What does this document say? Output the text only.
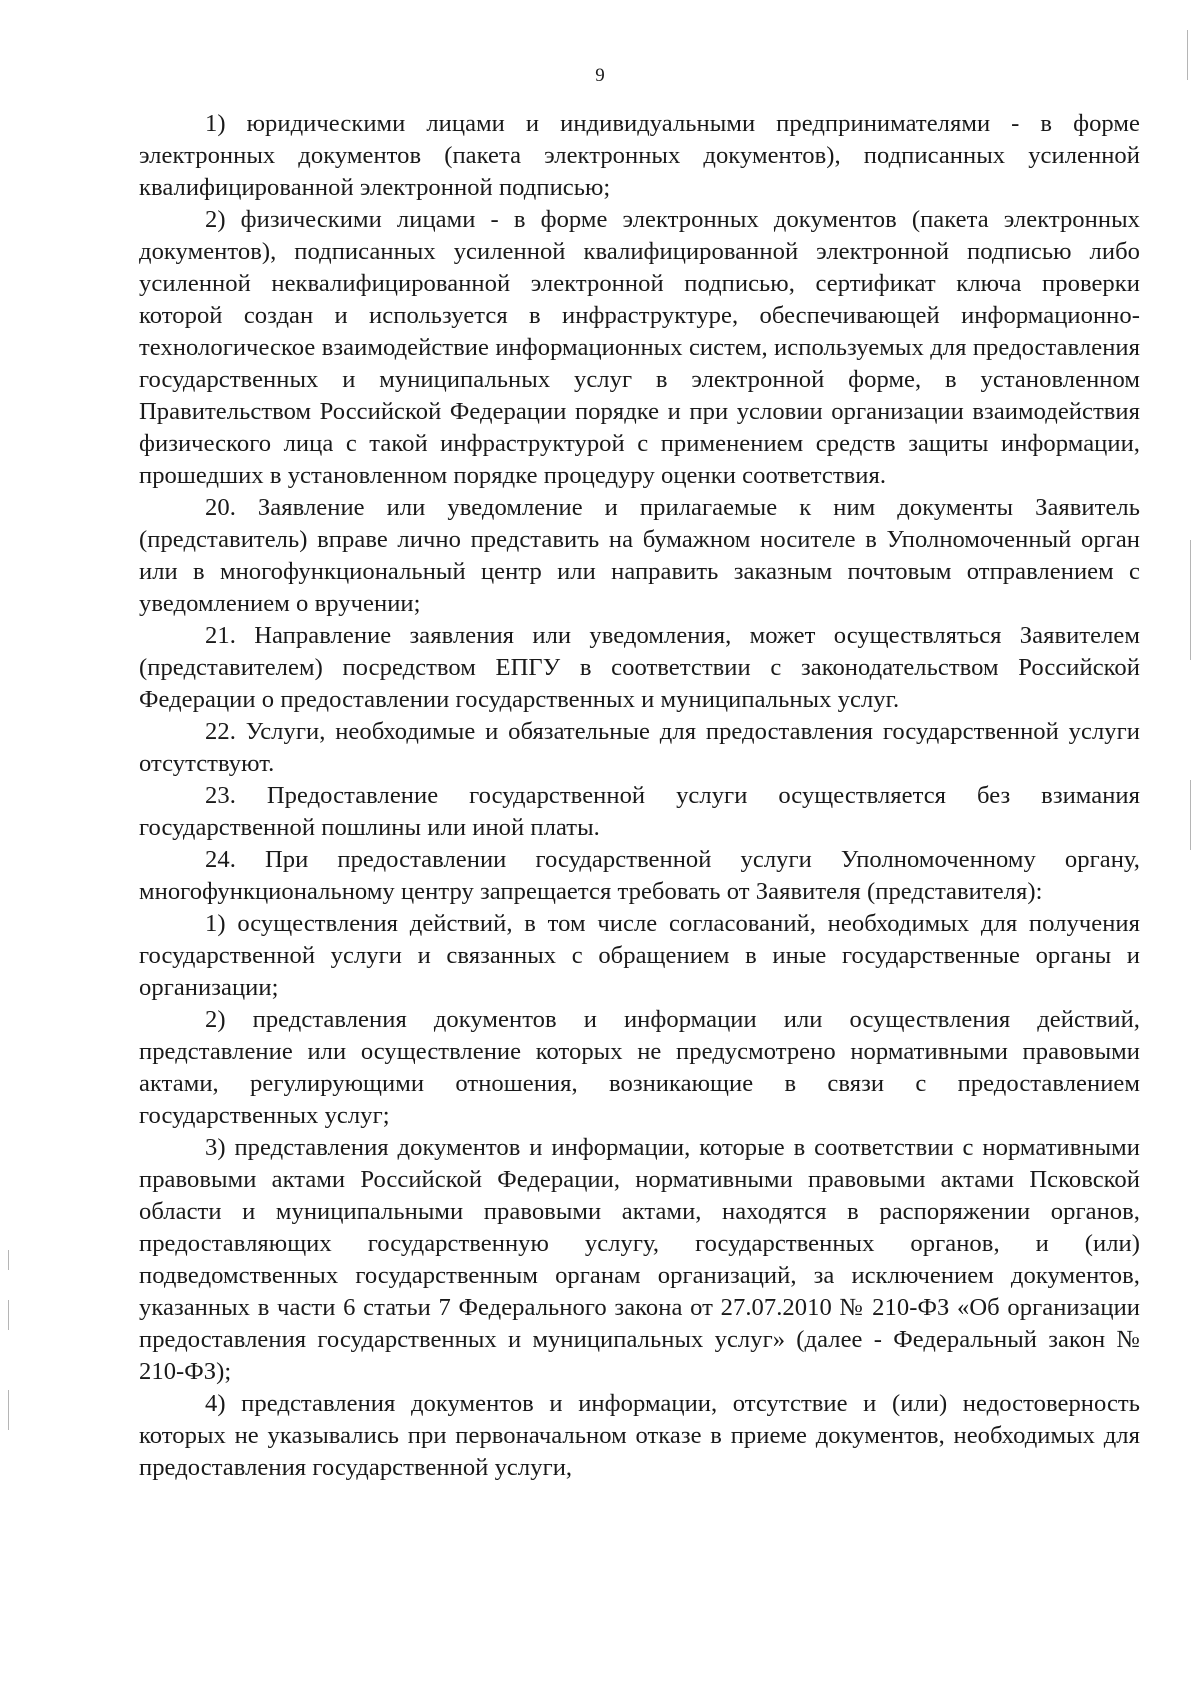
9

1) юридическими лицами и индивидуальными предпринимателями - в форме электронных документов (пакета электронных документов), подписанных усиленной квалифицированной электронной подписью;

2) физическими лицами - в форме электронных документов (пакета электронных документов), подписанных усиленной квалифицированной электронной подписью либо усиленной неквалифицированной электронной подписью, сертификат ключа проверки которой создан и используется в инфраструктуре, обеспечивающей информационно-технологическое взаимодействие информационных систем, используемых для предоставления государственных и муниципальных услуг в электронной форме, в установленном Правительством Российской Федерации порядке и при условии организации взаимодействия физического лица с такой инфраструктурой с применением средств защиты информации, прошедших в установленном порядке процедуру оценки соответствия.

20. Заявление или уведомление и прилагаемые к ним документы Заявитель (представитель) вправе лично представить на бумажном носителе в Уполномоченный орган или в многофункциональный центр или направить заказным почтовым отправлением с уведомлением о вручении;

21. Направление заявления или уведомления, может осуществляться Заявителем (представителем) посредством ЕПГУ в соответствии с законодательством Российской Федерации о предоставлении государственных и муниципальных услуг.

22. Услуги, необходимые и обязательные для предоставления государственной услуги отсутствуют.

23. Предоставление государственной услуги осуществляется без взимания государственной пошлины или иной платы.

24. При предоставлении государственной услуги Уполномоченному органу, многофункциональному центру запрещается требовать от Заявителя (представителя):

1) осуществления действий, в том числе согласований, необходимых для получения государственной услуги и связанных с обращением в иные государственные органы и организации;

2) представления документов и информации или осуществления действий, представление или осуществление которых не предусмотрено нормативными правовыми актами, регулирующими отношения, возникающие в связи с предоставлением государственных услуг;

3) представления документов и информации, которые в соответствии с нормативными правовыми актами Российской Федерации, нормативными правовыми актами Псковской области и муниципальными правовыми актами, находятся в распоряжении органов, предоставляющих государственную услугу, государственных органов, и (или) подведомственных государственным органам организаций, за исключением документов, указанных в части 6 статьи 7 Федерального закона от 27.07.2010 № 210-ФЗ «Об организации предоставления государственных и муниципальных услуг» (далее - Федеральный закон № 210-ФЗ);

4) представления документов и информации, отсутствие и (или) недостоверность которых не указывались при первоначальном отказе в приеме документов, необходимых для предоставления государственной услуги,
